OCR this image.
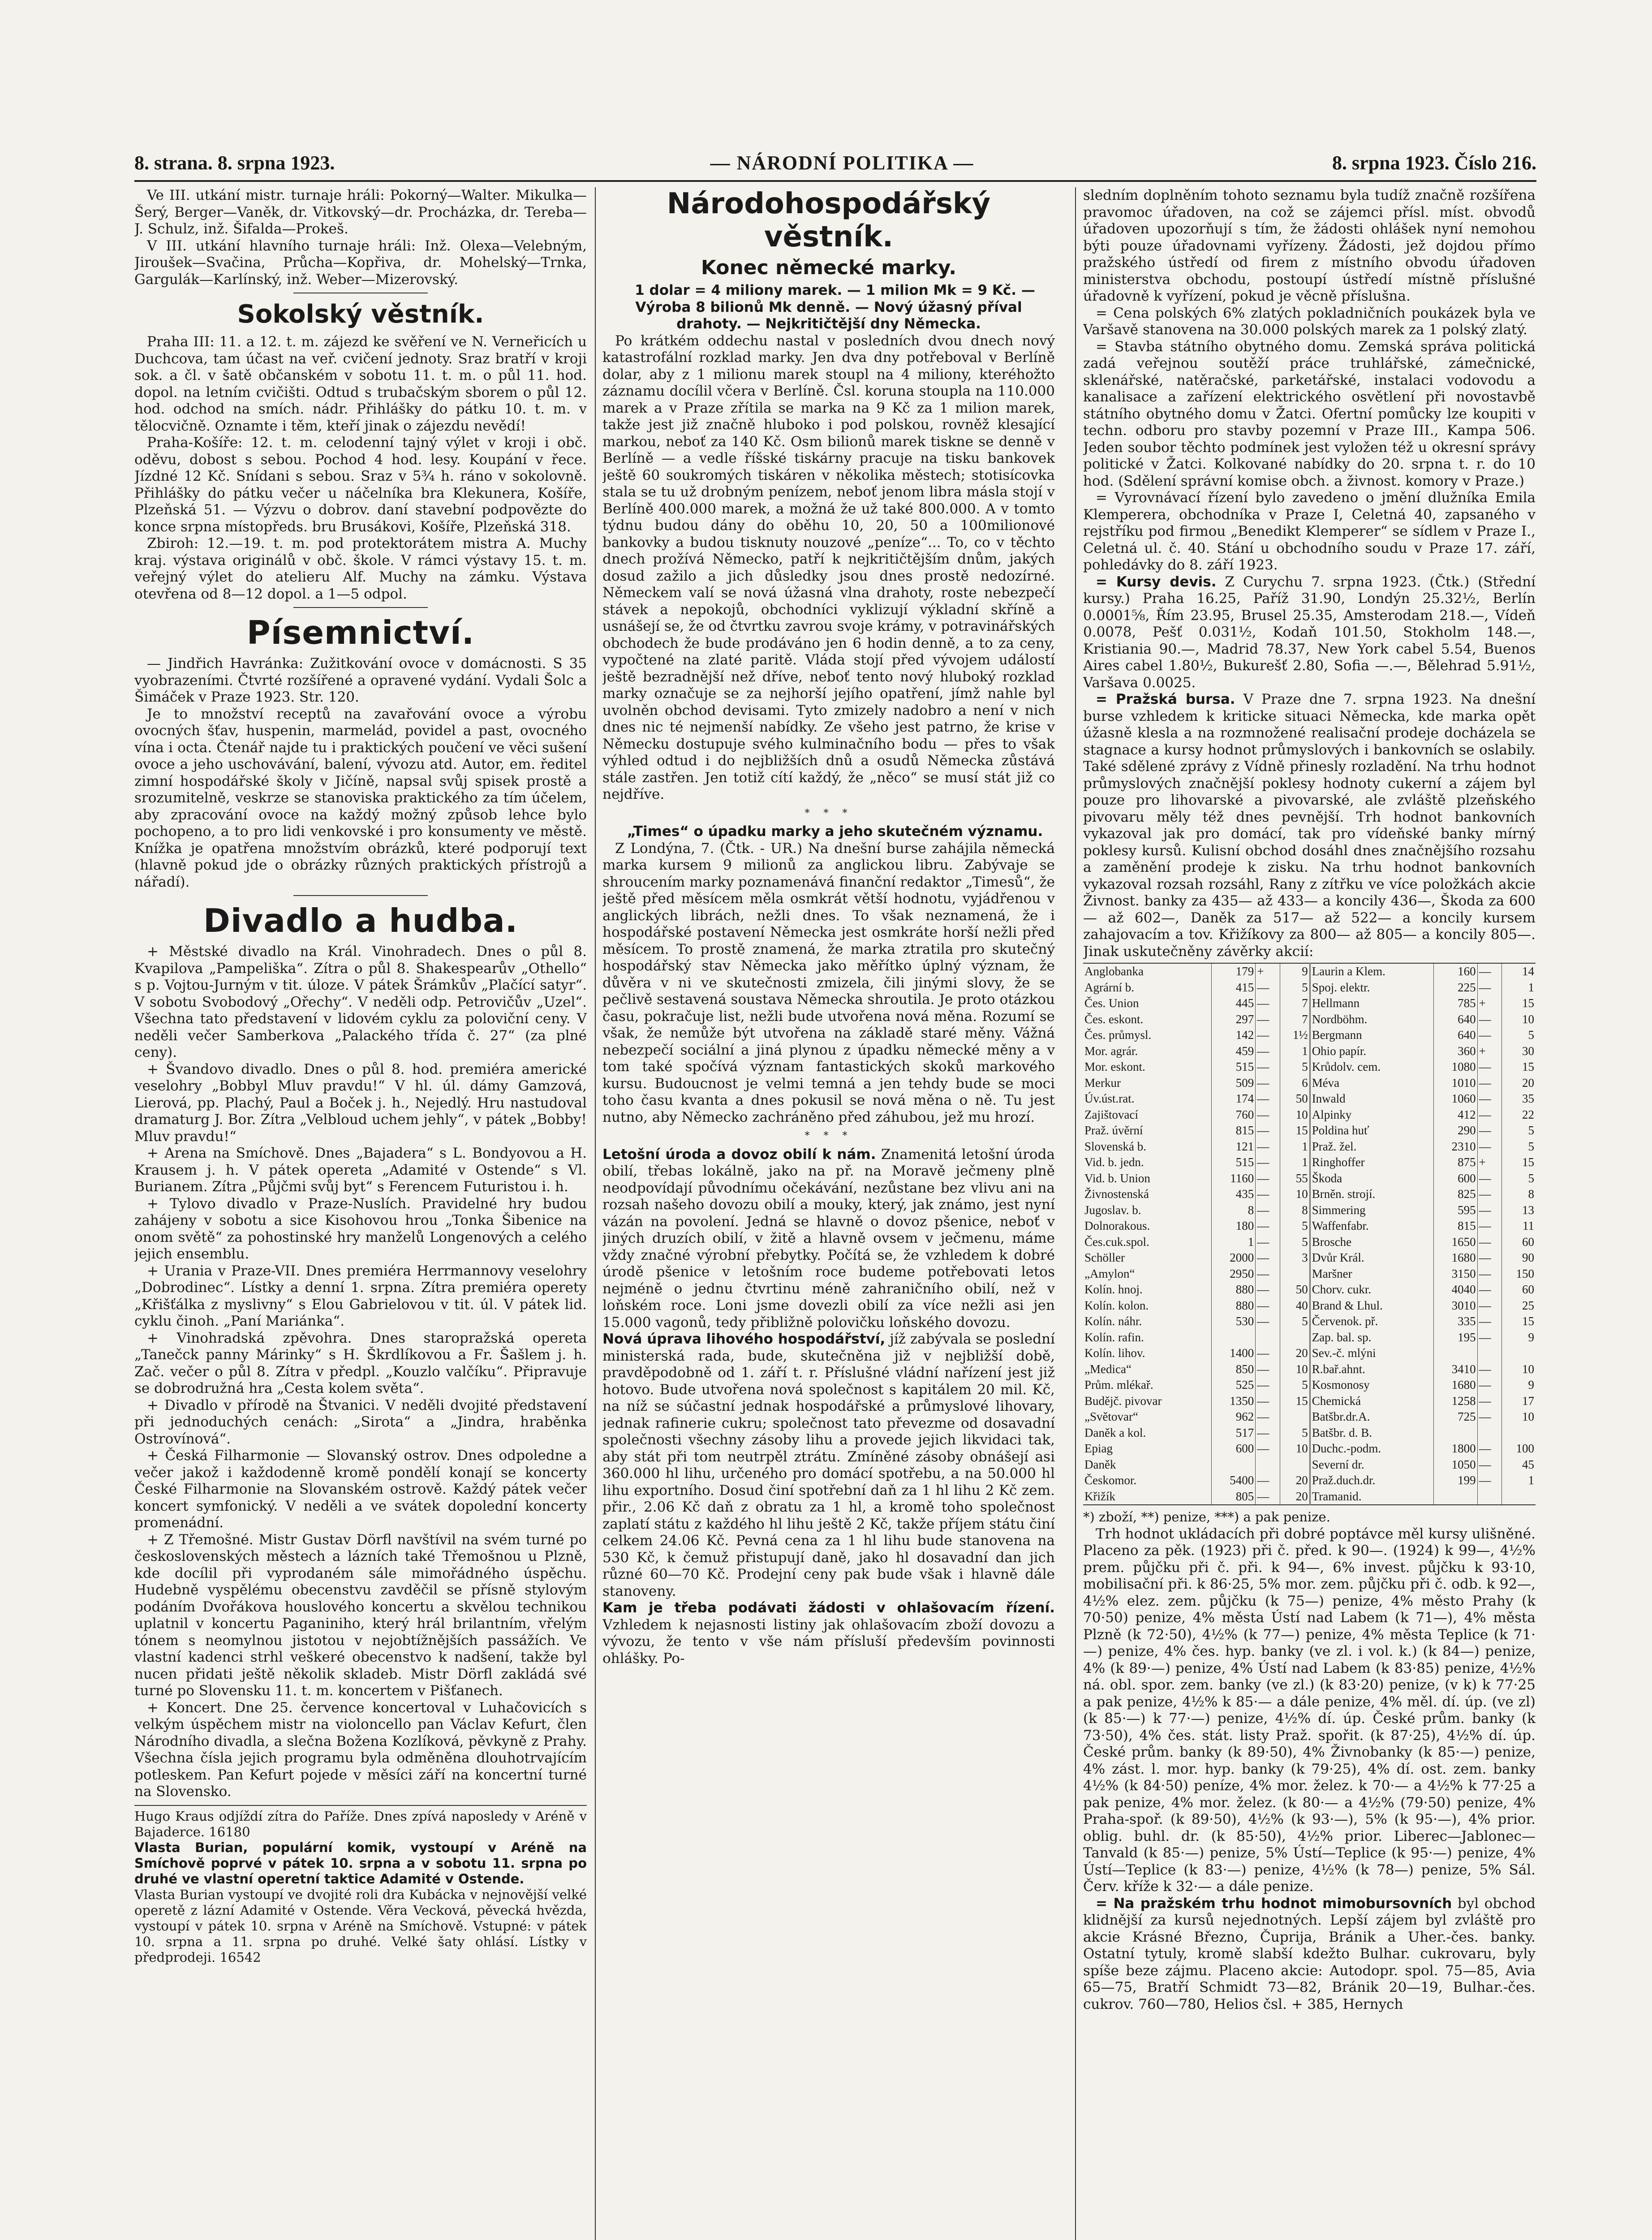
8. strana. 8. srpna 1923.	— NÁRODNÍ POLITIKA —	8. srpna 1923. Číslo 216.

Ve III. utkání mistr. turnaje hráli: Pokorný—Walter. Mikulka—Šerý, Berger—Vaněk, dr. Vitkovský—dr. Procházka, dr. Tereba—J. Schulz, inž. Šifalda—Prokeš.

V III. utkání hlavního turnaje hráli: Inž. Olexa—Velebným, Jiroušek—Svačina, Průcha—Kopřiva, dr. Mohelský—Trnka, Gargulák—Karlínský, inž. Weber—Mizerovský.

Sokolský věstník.

Praha III: 11. a 12. t. m. zájezd ke svěření ve N. Verneřicích u Duchcova, tam účast na veř. cvičení jednoty. Sraz bratří v kroji sok. a čl. v šatě občanském v sobotu 11. t. m. o půl 11. hod. dopol. na letním cvičišti. Odtud s trubačským sborem o půl 12. hod. odchod na smích. nádr. Přihlášky do pátku 10. t. m. v tělocvičně. Oznamte i těm, kteří jinak o zájezdu nevědí!

Praha-Košíře: 12. t. m. celodenní tajný výlet v kroji i obč. oděvu, dobost s sebou. Pochod 4 hod. lesy. Koupání v řece. Jízdné 12 Kč. Snídani s sebou. Sraz v 5¾ h. ráno v sokolovně. Přihlášky do pátku večer u náčelníka bra Klekunera, Košíře, Plzeňská 51. — Výzvu o dobrov. daní stavební podpovězte do konce srpna místopředs. bru Brusákovi, Košíře, Plzeňská 318.

Zbiroh: 12.—19. t. m. pod protektorátem mistra A. Muchy kraj. výstava originálů v obč. škole. V rámci výstavy 15. t. m. veřejný výlet do atelieru Alf. Muchy na zámku. Výstava otevřena od 8—12 dopol. a 1—5 odpol.

Písemnictví.

— Jindřich Havránka: Zužitkování ovoce v domácnosti. S 35 vyobrazeními. Čtvrté rozšířené a opravené vydání. Vydali Šolc a Šimáček v Praze 1923. Str. 120.

Je to množství receptů na zavařování ovoce a výrobu ovocných šťav, huspenin, marmelád, povidel a past, ovocného vína i octa. Čtenář najde tu i praktických poučení ve věci sušení ovoce a jeho uschovávání, balení, vývozu atd. Autor, em. ředitel zimní hospodářské školy v Jičíně, napsal svůj spisek prostě a srozumitelně, veskrze se stanoviska praktického za tím účelem, aby zpracování ovoce na každý možný způsob lehce bylo pochopeno, a to pro lidi venkovské i pro konsumenty ve městě. Knížka je opatřena množstvím obrázků, které podporují text (hlavně pokud jde o obrázky různých praktických přístrojů a nářadí).

Divadlo a hudba.

+ Městské divadlo na Král. Vinohradech. Dnes o půl 8. Kvapilova „Pampeliška“. Zítra o půl 8. Shakespearův „Othello“ s p. Vojtou-Jurným v tit. úloze. V pátek Šrámkův „Plačící satyr“. V sobotu Svobodový „Ořechy“. V neděli odp. Petrovičův „Uzel“. Všechna tato představení v lidovém cyklu za poloviční ceny. V neděli večer Samberkova „Palackého třída č. 27“ (za plné ceny).

+ Švandovo divadlo. Dnes o půl 8. hod. premiéra americké veselohry „Bobbyl Mluv pravdu!“ V hl. úl. dámy Gamzová, Lierová, pp. Plachý, Paul a Boček j. h., Nejedlý. Hru nastudoval dramaturg J. Bor. Zítra „Velbloud uchem jehly“, v pátek „Bobby! Mluv pravdu!“

+ Arena na Smíchově. Dnes „Bajadera“ s L. Bondyovou a H. Krausem j. h. V pátek opereta „Adamité v Ostende“ s Vl. Burianem. Zítra „Půjčmi svůj byt“ s Ferencem Futuristou i. h.

+ Tylovo divadlo v Praze-Nuslích. Pravidelné hry budou zahájeny v sobotu a sice Kisohovou hrou „Tonka Šibenice na onom světě“ za pohostinské hry manželů Longenových a celého jejich ensemblu.

+ Urania v Praze-VII. Dnes premiéra Herrmannovy veselohry „Dobrodinec“. Lístky a denní 1. srpna. Zítra premiéra operety „Křišťálka z myslivny“ s Elou Gabrielovou v tit. úl. V pátek lid. cyklu činoh. „Paní Mariánka“.

+ Vinohradská zpěvohra. Dnes staropražská opereta „Tanečck panny Márinky“ s H. Škrdlíkovou a Fr. Šašlem j. h. Zač. večer o půl 8. Zítra v předpl. „Kouzlo valčíku“. Připravuje se dobrodružná hra „Cesta kolem světa“.

+ Divadlo v přírodě na Štvanici. V neděli dvojité představení při jednoduchých cenách: „Sirota“ a „Jindra, hraběnka Ostrovínová“.

+ Česká Filharmonie — Slovanský ostrov. Dnes odpoledne a večer jakož i každodenně kromě pondělí konají se koncerty České Filharmonie na Slovanském ostrově. Každý pátek večer koncert symfonický. V neděli a ve svátek dopolední koncerty promenádní.

+ Z Třemošné. Mistr Gustav Dörfl navštívil na svém turné po československých městech a lázních také Třemošnou u Plzně, kde docílil při vyprodaném sále mimořádného úspěchu. Hudebně vyspělému obecenstvu zavděčil se přísně stylovým podáním Dvořákova houslového koncertu a skvělou technikou uplatnil v koncertu Paganiniho, který hrál brilantním, vřelým tónem s neomylnou jistotou v nejobtížnějších passážích. Ve vlastní kadenci strhl veškeré obecenstvo k nadšení, takže byl nucen přidati ještě několik skladeb. Mistr Dörfl zakládá své turné po Slovensku 11. t. m. koncertem v Pišťanech.

+ Koncert. Dne 25. července koncertoval v Luhačovicích s velkým úspěchem mistr na violoncello pan Václav Kefurt, člen Národního divadla, a slečna Božena Kozlíková, pěvkyně z Prahy. Všechna čísla jejich programu byla odměněna dlouhotrvajícím potleskem. Pan Kefurt pojede v měsíci září na koncertní turné na Slovensko.

Hugo Kraus odjíždí zítra do Paříže. Dnes zpívá naposledy v Aréně v Bajaderce. 16180

Vlasta Burian, populární komik, vystoupí v Aréně na Smíchově poprvé v pátek 10. srpna a v sobotu 11. srpna po druhé ve vlastní operetní taktice Adamité v Ostende.

Vlasta Burian vystoupí ve dvojité roli dra Kubácka v nejnovější velké operetě z lázní Adamité v Ostende. Věra Vecková, pěvecká hvězda, vystoupí v pátek 10. srpna v Aréně na Smíchově. Vstupné: v pátek 10. srpna a 11. srpna po druhé. Velké šaty ohlásí. Lístky v předprodeji. 16542

Národohospodářský věstník.
Konec německé marky.

1 dolar = 4 miliony marek. — 1 milion Mk = 9 Kč. — Výroba 8 bilionů Mk denně. — Nový úžasný příval drahoty. — Nejkritičtější dny Německa.

Po krátkém oddechu nastal v posledních dvou dnech nový katastrofální rozklad marky. Jen dva dny potřeboval v Berlíně dolar, aby z 1 milionu marek stoupl na 4 miliony, kteréhožto záznamu docílil včera v Berlíně. Čsl. koruna stoupla na 110.000 marek a v Praze zřítila se marka na 9 Kč za 1 milion marek, takže jest již značně hluboko i pod polskou, rovněž klesající markou, neboť za 140 Kč. Osm bilionů marek tiskne se denně v Berlíně — a vedle říšské tiskárny pracuje na tisku bankovek ještě 60 soukromých tiskáren v několika městech; stotisícovka stala se tu už drobným penízem, neboť jenom libra másla stojí v Berlíně 400.000 marek, a možná že už také 800.000. A v tomto týdnu budou dány do oběhu 10, 20, 50 a 100milionové bankovky a budou tisknuty nouzové „peníze“... To, co v těchto dnech prožívá Německo, patří k nejkritičtějším dnům, jakých dosud zažilo a jich důsledky jsou dnes prostě nedozírné. Německem valí se nová úžasná vlna drahoty, roste nebezpečí stávek a nepokojů, obchodníci vyklizují výkladní skříně a usnášejí se, že od čtvrtku zavrou svoje krámy, v potravinářských obchodech že bude prodáváno jen 6 hodin denně, a to za ceny, vypočtené na zlaté paritě. Vláda stojí před vývojem událostí ještě bezradnější než dříve, neboť tento nový hluboký rozklad marky označuje se za nejhorší jejího opatření, jímž nahle byl uvolněn obchod devisami. Tyto zmizely nadobro a není v nich dnes nic té nejmenší nabídky. Ze všeho jest patrno, že krise v Německu dostupuje svého kulminačního bodu — přes to však výhled odtud i do nejbližších dnů a osudů Německa zůstává stále zastřen. Jen totiž cítí každý, že „něco“ se musí stát již co nejdříve.

* * *

„Times“ o úpadku marky a jeho skutečném významu.

Z Londýna, 7. (Čtk. - UR.) Na dnešní burse zahájila německá marka kursem 9 milionů za anglickou libru. Zabývaje se shroucením marky poznamenává finanční redaktor „Timesů“, že ještě před měsícem měla osmkrát větší hodnotu, vyjádřenou v anglických librách, nežli dnes. To však neznamená, že i hospodářské postavení Německa jest osmkráte horší nežli před měsícem. To prostě znamená, že marka ztratila pro skutečný hospodářský stav Německa jako měřítko úplný význam, že důvěra v ni ve skutečnosti zmizela, čili jinými slovy, že se pečlivě sestavená soustava Německa shroutila. Je proto otázkou času, pokračuje list, nežli bude utvořena nová měna. Rozumí se však, že nemůže být utvořena na základě staré měny. Vážná nebezpečí sociální a jiná plynou z úpadku německé měny a v tom také spočívá význam fantastických skoků markového kursu. Budoucnost je velmi temná a jen tehdy bude se moci toho času kvanta a dnes pokusil se nová měna o ně. Tu jest nutno, aby Německo zachráněno před záhubou, jež mu hrozí.

* * *

Letošní úroda a dovoz obilí k nám. Znamenitá letošní úroda obilí, třebas lokálně, jako na př. na Moravě ječmeny plně neodpovídají původnímu očekávání, nezůstane bez vlivu ani na rozsah našeho dovozu obilí a mouky, který, jak známo, jest nyní vázán na povolení. Jedná se hlavně o dovoz pšenice, neboť v jiných druzích obilí, v žitě a hlavně ovsem v ječmenu, máme vždy značné výrobní přebytky. Počítá se, že vzhledem k dobré úrodě pšenice v letošním roce budeme potřebovati letos nejméně o jednu čtvrtinu méně zahraničního obilí, než v loňském roce. Loni jsme dovezli obilí za více nežli asi jen 15.000 vagonů, tedy přibližně polovičku loňského dovozu.

Nová úprava lihového hospodářství, jíž zabývala se poslední ministerská rada, bude, skutečněna již v nejbližší době, pravděpodobně od 1. září t. r. Příslušné vládní nařízení jest již hotovo. Bude utvořena nová společnost s kapitálem 20 mil. Kč, na níž se súčastní jednak hospodářské a průmyslové lihovary, jednak rafinerie cukru; společnost tato převezme od dosavadní společnosti všechny zásoby lihu a provede jejich likvidaci tak, aby stát při tom neutrpěl ztrátu. Zmíněné zásoby obnášejí asi 360.000 hl lihu, určeného pro domácí spotřebu, a na 50.000 hl lihu exportního. Dosud činí spotřební daň za 1 hl lihu 2 Kč zem. přir., 2.06 Kč daň z obratu za 1 hl, a kromě toho společnost zaplatí státu z každého hl lihu ještě 2 Kč, takže příjem státu činí celkem 24.06 Kč. Pevná cena za 1 hl lihu bude stanovena na 530 Kč, k čemuž přistupují daně, jako hl dosavadní dan jich různé 60—70 Kč. Prodejní ceny pak bude však i hlavně dále stanoveny.

Kam je třeba podávati žádosti v ohlašovacím řízení. Vzhledem k nejasnosti listiny jak ohlašovacím zboží dovozu a vývozu, že tento v vše nám přísluší především povinnosti ohlášky. Po-

sledním doplněním tohoto seznamu byla tudíž značně rozšířena pravomoc úřadoven, na což se zájemci přísl. míst. obvodů úřadoven upozorňují s tím, že žádosti ohlášek nyní nemohou býti pouze úřadovnami vyřízeny. Žádosti, jež dojdou přímo pražského ústředí od firem z místního obvodu úřadoven ministerstva obchodu, postoupí ústředí místně příslušné úřadovně k vyřízení, pokud je věcně příslušna.

= Cena polských 6% zlatých pokladničních poukázek byla ve Varšavě stanovena na 30.000 polských marek za 1 polský zlatý.

= Stavba státního obytného domu. Zemská správa politická zadá veřejnou soutěží práce truhlářské, zámečnické, sklenářské, natěračské, parketářské, instalaci vodovodu a kanalisace a zařízení elektrického osvětlení při novostavbě státního obytného domu v Žatci. Ofertní pomůcky lze koupiti v techn. odboru pro stavby pozemní v Praze III., Kampa 506. Jeden soubor těchto podmínek jest vyložen též u okresní správy politické v Žatci. Kolkované nabídky do 20. srpna t. r. do 10 hod. (Sdělení správní komise obch. a živnost. komory v Praze.)

= Vyrovnávací řízení bylo zavedeno o jmění dlužníka Emila Klemperera, obchodníka v Praze I, Celetná 40, zapsaného v rejstříku pod firmou „Benedikt Klemperer“ se sídlem v Praze I., Celetná ul. č. 40. Stání u obchodního soudu v Praze 17. září, pohledávky do 8. září 1923.

= Kursy devis. Z Curychu 7. srpna 1923. (Čtk.) (Střední kursy.) Praha 16.25, Paříž 31.90, Londýn 25.32½, Berlín 0.0001⅝, Řím 23.95, Brusel 25.35, Amsterodam 218.—, Vídeň 0.0078, Pešť 0.031½, Kodaň 101.50, Stokholm 148.—, Kristiania 90.—, Madrid 78.37, New York cabel 5.54, Buenos Aires cabel 1.80½, Bukurešť 2.80, Sofia —.—, Bělehrad 5.91½, Varšava 0.0025.

= Pražská bursa. V Praze dne 7. srpna 1923. Na dnešní burse vzhledem k kriticke situaci Německa, kde marka opět úžasně klesla a na rozmnožené realisační prodeje docházela se stagnace a kursy hodnot průmyslových i bankovních se oslabily. Také sdělené zprávy z Vídně přinesly rozladění. Na trhu hodnot průmyslových značnější poklesy hodnoty cukerní a zájem byl pouze pro lihovarské a pivovarské, ale zvláště plzeňského pivovaru měly též dnes pevnější. Trh hodnot bankovních vykazoval jak pro domácí, tak pro vídeňské banky mírný poklesy kursů. Kulisní obchod dosáhl dnes značnějšího rozsahu a zaměnění prodeje k zisku. Na trhu hodnot bankovních vykazoval rozsah rozsáhl, Rany z zítřku ve více položkách akcie Živnost. banky za 435— až 433— a koncily 436—, Škoda za 600— až 602—, Daněk za 517— až 522— a koncily kursem zahajovacím a tov. Křižíkovy za 800— až 805— a koncily 805—. Jinak uskutečněny závěrky akcií:

Anglobanka	179	+	9	Laurin a Klem.	160	—	14
Agrární b.	415	—	5	Spoj. elektr.	225	—	1
Čes. Union	445	—	7	Hellmann	785	+	15
Čes. eskont.	297	—	7	Nordböhm.	640	—	10
Čes. průmysl.	142	—	1½	Bergmann	640	—	5
Mor. agrár.	459	—	1	Ohio papír.	360	+	30
Mor. eskont.	515	—	5	Krůdolv. cem.	1080	—	15
Merkur	509	—	6	Méva	1010	—	20
Úv.úst.rat.	174	—	50	Inwald	1060	—	35
Zajištovací	760	—	10	Alpinky	412	—	22
Praž. úvěrní	815	—	15	Poldina huť	290	—	5
Slovenská b.	121	—	1	Praž. žel.	2310	—	5
Vid. b. jedn.	515	—	1	Ringhoffer	875	+	15
Vid. b. Union	1160	—	55	Škoda	600	—	5
Živnostenská	435	—	10	Brněn. strojí.	825	—	8
Jugoslav. b.	8	—	8	Simmering	595	—	13
Dolnorakous.	180	—	5	Waffenfabr.	815	—	11
Čes.cuk.spol.	1	—	5	Brosche	1650	—	60
Schöller	2000	—	3	Dvůr Král.	1680	—	90
„Amylon“	2950	—		Maršner	3150	—	150
Kolín. hnoj.	880	—	50	Chorv. cukr.	4040	—	60
Kolín. kolon.	880	—	40	Brand & Lhul.	3010	—	25
Kolín. náhr.	530	—	5	Červenok. př.	335	—	15
Kolín. rafin.				Zap. bal. sp.	195	—	9
Kolín. lihov.	1400	—	20	Sev.-č. mlýni			
„Medica“	850	—	10	R.bař.ahnt.	3410	—	10
Prům. mlékař.	525	—	5	Kosmonosy	1680	—	9
Budějč. pivovar	1350	—	15	Chemická	1258	—	17
„Světovar“	962	—		Batšbr.dr.A.	725	—	10
Daněk a kol.	517	—	5	Batšbr. d. B.			
Epiag	600	—	10	Duchc.-podm.	1800	—	100
Daněk				Severní dr.	1050	—	45
Českomor.	5400	—	20	Praž.duch.dr.	199	—	1
Křižík	805	—	20	Tramanid.			

*) zboží, **) penize, ***) a pak penize.

Trh hodnot ukládacích při dobré poptávce měl kursy ulišněné. Placeno za pěk. (1923) při č. před. k 90—. (1924) k 99—, 4½% prem. půjčku při č. při. k 94—, 6% invest. půjčku k 93·10, mobilisační při. k 86·25, 5% mor. zem. půjčku při č. odb. k 92—, 4½% elez. zem. půjčku (k 75—) penize, 4% město Prahy (k 70·50) penize, 4% města Ústí nad Labem (k 71—), 4% města Plzně (k 72·50), 4½% (k 77—) penize, 4% města Teplice (k 71·—) penize, 4% čes. hyp. banky (ve zl. i vol. k.) (k 84—) penize, 4% (k 89·—) penize, 4% Ústí nad Labem (k 83·85) penize, 4½% ná. obl. spor. zem. banky (ve zl.) (k 83·20) penize, (v k) k 77·25 a pak penize, 4½% k 85·— a dále penize, 4% měl. dí. úp. (ve zl) (k 85·—) k 77·—) penize, 4½% dí. úp. České prům. banky (k 73·50), 4% čes. stát. listy Praž. spořit. (k 87·25), 4½% dí. úp. České prům. banky (k 89·50), 4% Živnobanky (k 85·—) penize, 4% zást. l. mor. hyp. banky (k 79·25), 4% dí. ost. zem. banky 4½% (k 84·50) peníze, 4% mor. želez. k 70·— a 4½% k 77·25 a pak penize, 4% mor. želez. (k 80·— a 4½% (79·50) penize, 4% Praha-spoř. (k 89·50), 4½% (k 93·—), 5% (k 95·—), 4% prior. oblig. buhl. dr. (k 85·50), 4½% prior. Liberec—Jablonec—Tanvald (k 85·—) penize, 5% Ústí—Teplice (k 95·—) penize, 4% Ústí—Teplice (k 83·—) penize, 4½% (k 78—) penize, 5% Sál. Červ. kříže k 32·— a dále penize.

= Na pražském trhu hodnot mimobursovních byl obchod klidnější za kursů nejednotných. Lepší zájem byl zvláště pro akcie Krásné Březno, Čuprija, Bránik a Uher.-čes. banky. Ostatní tytuly, kromě slabší kdežto Bulhar. cukrovaru, byly spíše beze zájmu. Placeno akcie: Autodopr. spol. 75—85, Avia 65—75, Bratří Schmidt 73—82, Bránik 20—19, Bulhar.-čes. cukrov. 760—780, Helios čsl. + 385, Hernych
